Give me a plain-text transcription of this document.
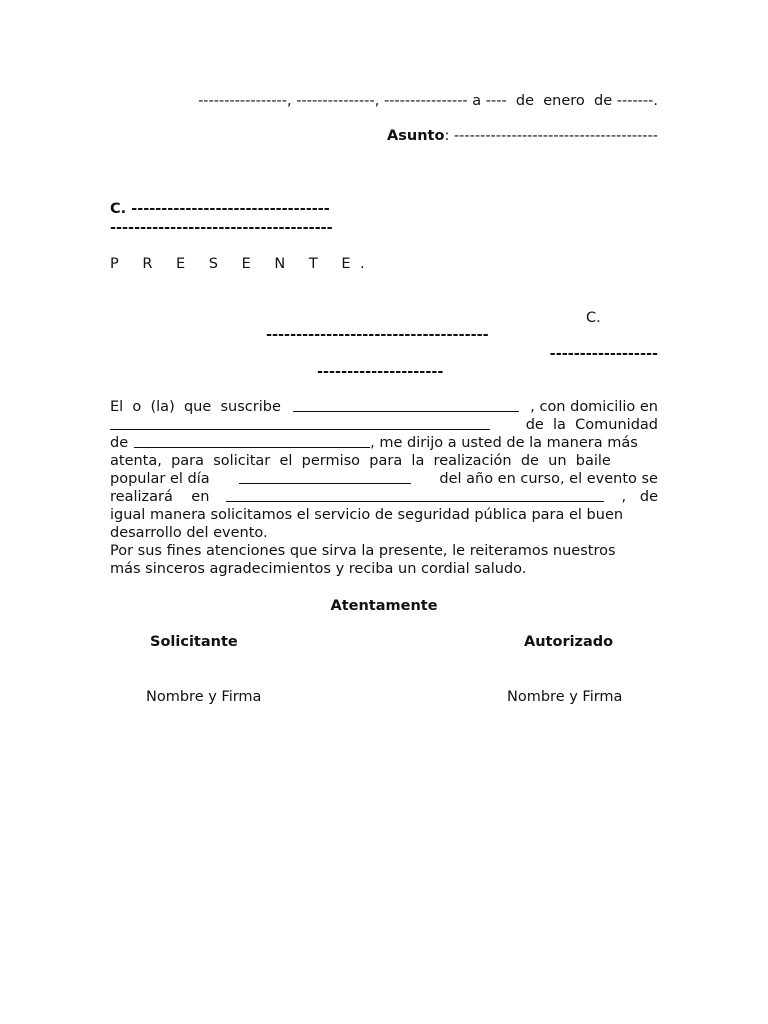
-----------------, ---------------, ---------------- a ----  de  enero  de -------.
Asunto: ---------------------------------------
C. ---------------------------------
-------------------------------------
P R E S E N T E.
C.
-------------------------------------
------------------
---------------------
El  o  (la)  que  suscribe	, con domicilio en
de  la  Comunidad
de	, me dirijo a usted de la manera más
atenta,  para  solicitar  el  permiso  para  la  realización  de  un  baile
popular el día	del año en curso, el evento se
realizará    en	,   de
igual manera solicitamos el servicio de seguridad pública para el buen
desarrollo del evento.
Por sus fines atenciones que sirva la presente, le reiteramos nuestros
más sinceros agradecimientos y reciba un cordial saludo.
Atentamente
Solicitante	Autorizado
Nombre y Firma	Nombre y Firma
